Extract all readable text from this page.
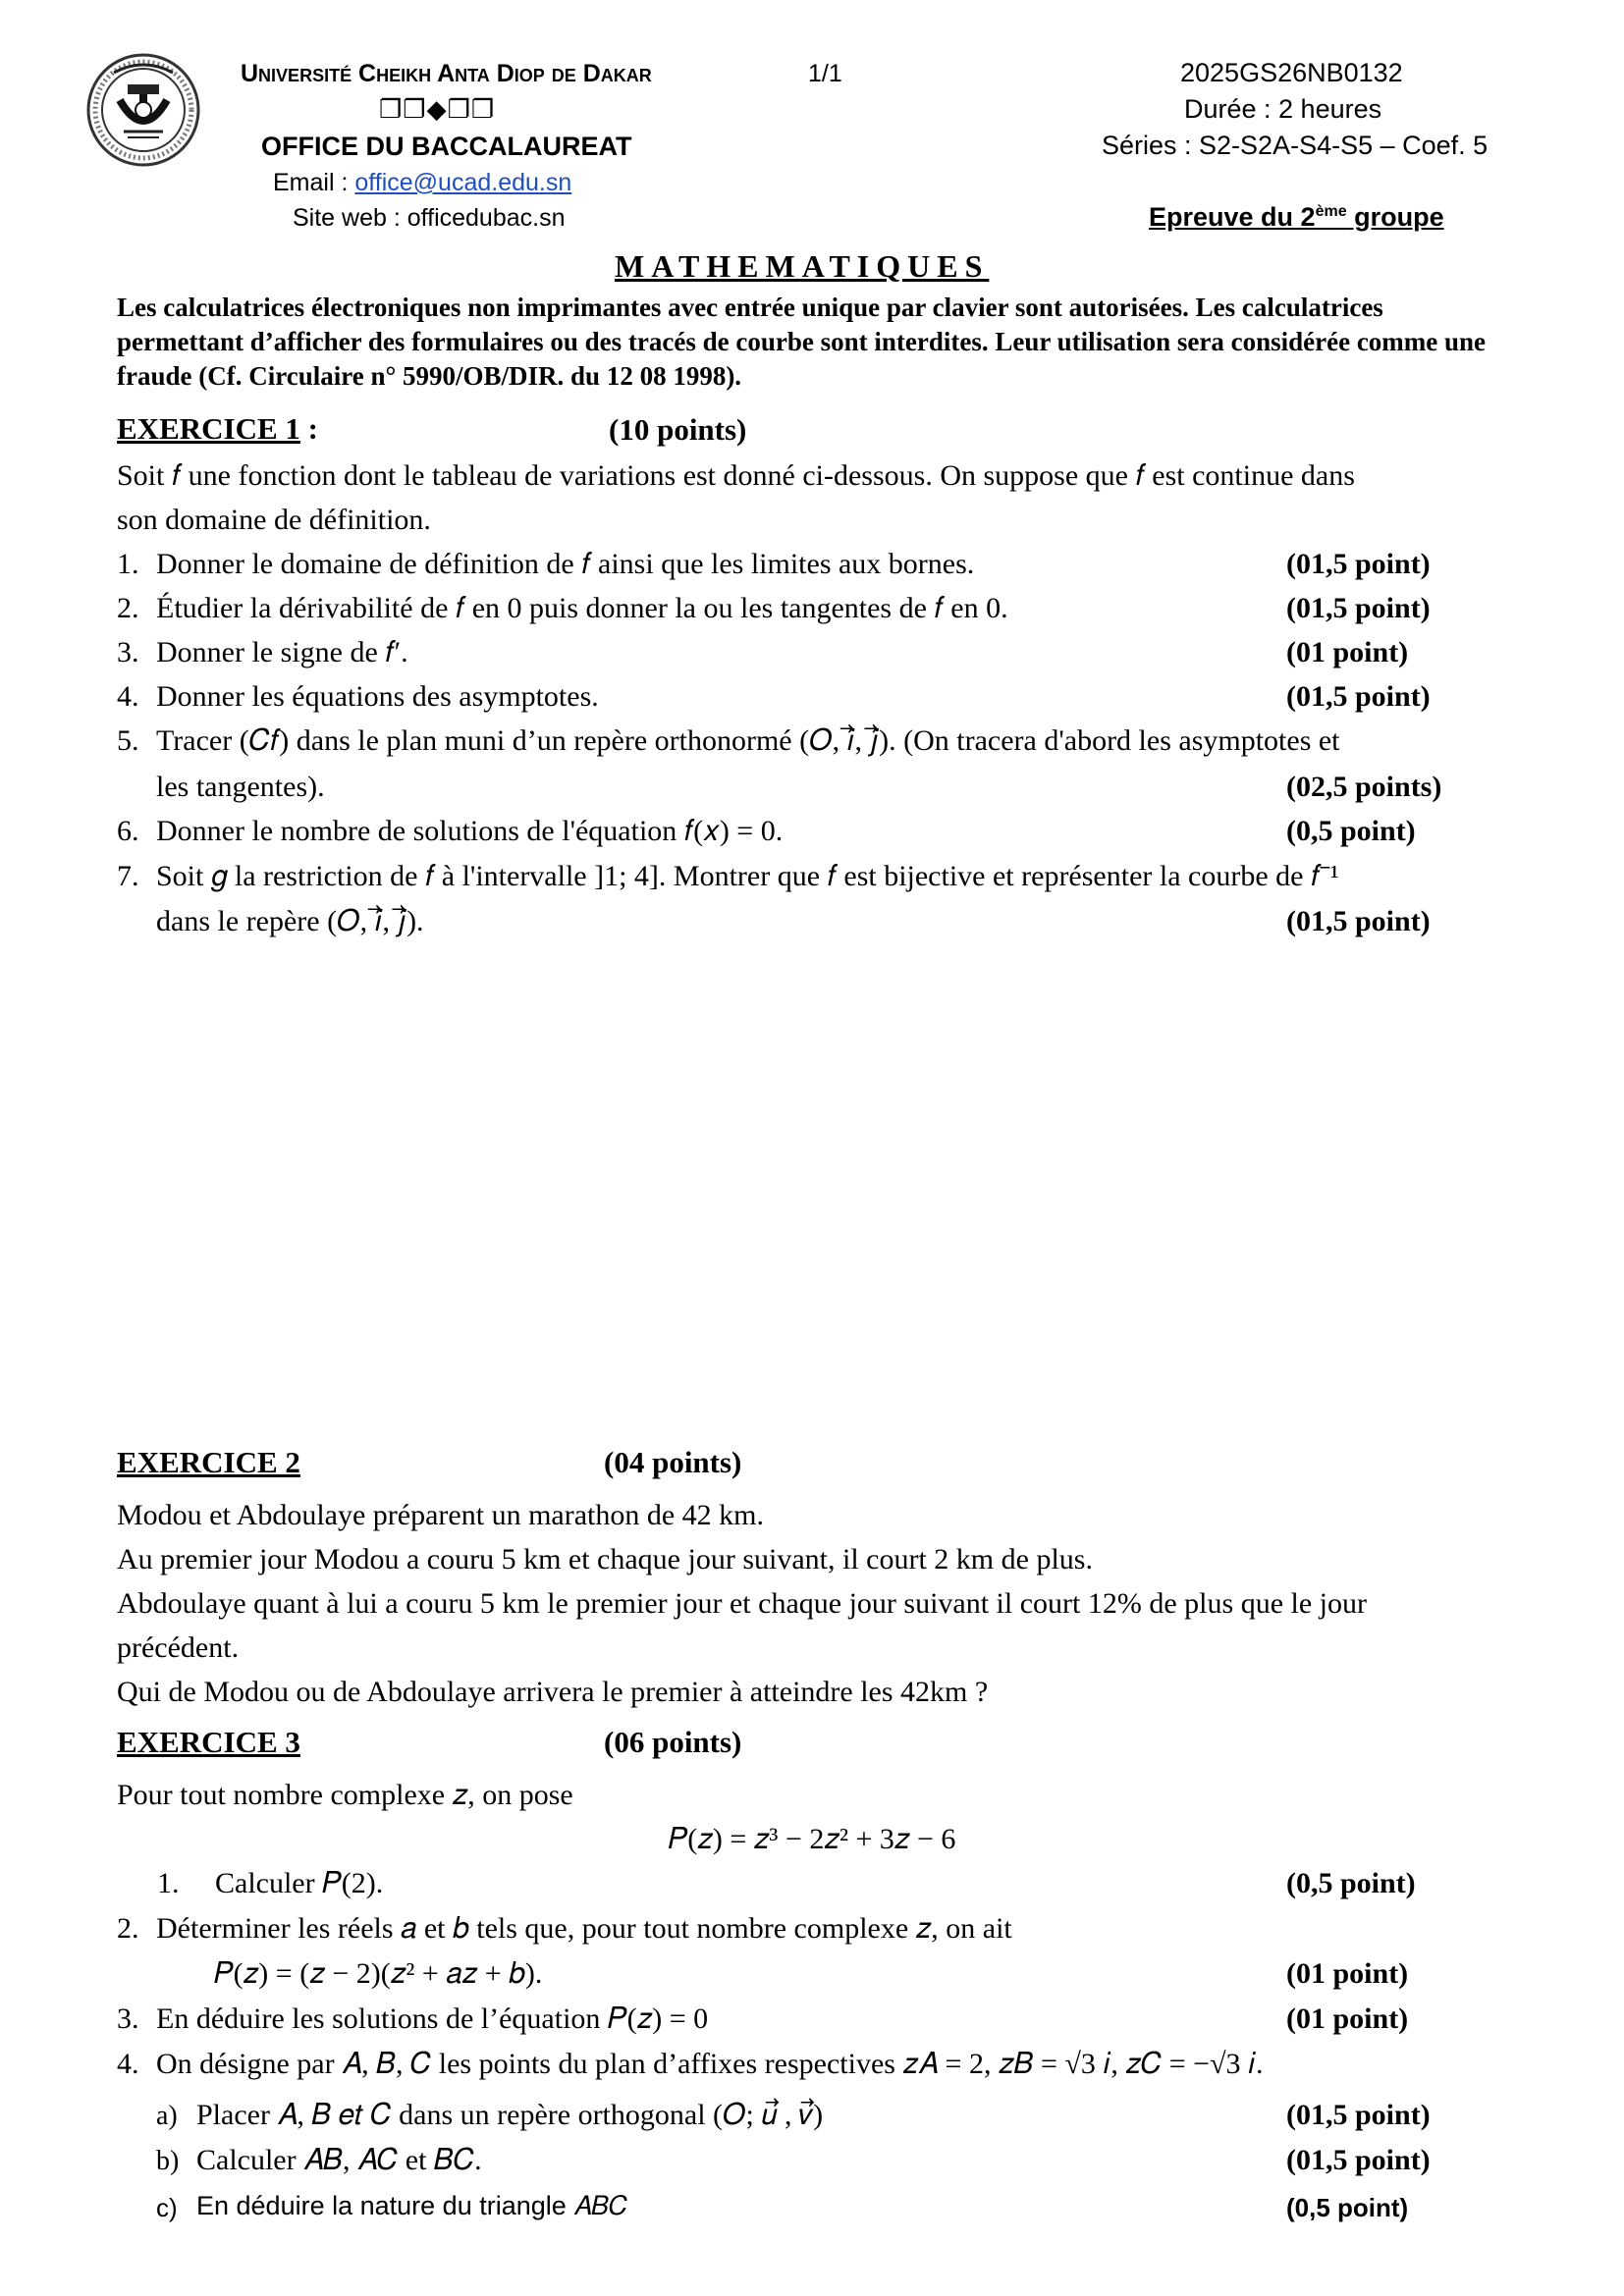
Université Cheikh Anta Diop de Dakar
❐❐◆❐❐
OFFICE DU BACCALAUREAT
Email : office@ucad.edu.sn
Site web : officedubac.sn
1/1	2025GS26NB0132
Durée : 2 heures
Séries : S2-S2A-S4-S5 – Coef. 5
Epreuve du 2ème groupe
MATHEMATIQUES
Les calculatrices électroniques non imprimantes avec entrée unique par clavier sont autorisées. Les calculatrices permettant d’afficher des formulaires ou des tracés de courbe sont interdites. Leur utilisation sera considérée comme une fraude (Cf. Circulaire n° 5990/OB/DIR. du 12 08 1998).
EXERCICE 1 :	(10 points)
Soit 𝑓 une fonction dont le tableau de variations est donné ci-dessous. On suppose que 𝑓 est continue dans
son domaine de définition.
1. Donner le domaine de définition de 𝑓 ainsi que les limites aux bornes.	(01,5 point)
2. Étudier la dérivabilité de 𝑓 en 0 puis donner la ou les tangentes de 𝑓 en 0.	(01,5 point)
3. Donner le signe de 𝑓′.	(01 point)
4. Donner les équations des asymptotes.	(01,5 point)
5. Tracer (𝐶𝑓) dans le plan muni d’un repère orthonormé (𝑂, 𝑖⃗, 𝑗⃗). (On tracera d'abord les asymptotes et
les tangentes).	(02,5 points)
6. Donner le nombre de solutions de l'équation 𝑓(𝑥) = 0.	(0,5 point)
7. Soit 𝑔 la restriction de 𝑓 à l'intervalle ]1; 4]. Montrer que 𝑓 est bijective et représenter la courbe de 𝑓⁻¹
dans le repère (𝑂, 𝑖⃗, 𝑗⃗).	(01,5 point)
EXERCICE 2	(04 points)
Modou et Abdoulaye préparent un marathon de 42 km.
Au premier jour Modou a couru 5 km et chaque jour suivant, il court 2 km de plus.
Abdoulaye quant à lui a couru 5 km le premier jour et chaque jour suivant il court 12% de plus que le jour
précédent.
Qui de Modou ou de Abdoulaye arrivera le premier à atteindre les 42km ?
EXERCICE 3	(06 points)
Pour tout nombre complexe 𝑧, on pose
𝑃(𝑧) = 𝑧³ − 2𝑧² + 3𝑧 − 6
1. Calculer 𝑃(2).	(0,5 point)
2. Déterminer les réels 𝑎 et 𝑏 tels que, pour tout nombre complexe 𝑧, on ait
𝑃(𝑧) = (𝑧 − 2)(𝑧² + 𝑎𝑧 + 𝑏).	(01 point)
3. En déduire les solutions de l’équation 𝑃(𝑧) = 0	(01 point)
4. On désigne par 𝐴, 𝐵, 𝐶 les points du plan d’affixes respectives 𝑧𝐴 = 2, 𝑧𝐵 = √3 𝑖, 𝑧𝐶 = −√3 𝑖.
a) Placer 𝐴, 𝐵 𝑒𝑡 𝐶 dans un repère orthogonal (𝑂; 𝑢⃗ , 𝑣⃗)	(01,5 point)
b) Calculer 𝐴𝐵, 𝐴𝐶 et 𝐵𝐶.	(01,5 point)
c) En déduire la nature du triangle 𝐴𝐵𝐶	(0,5 point)
